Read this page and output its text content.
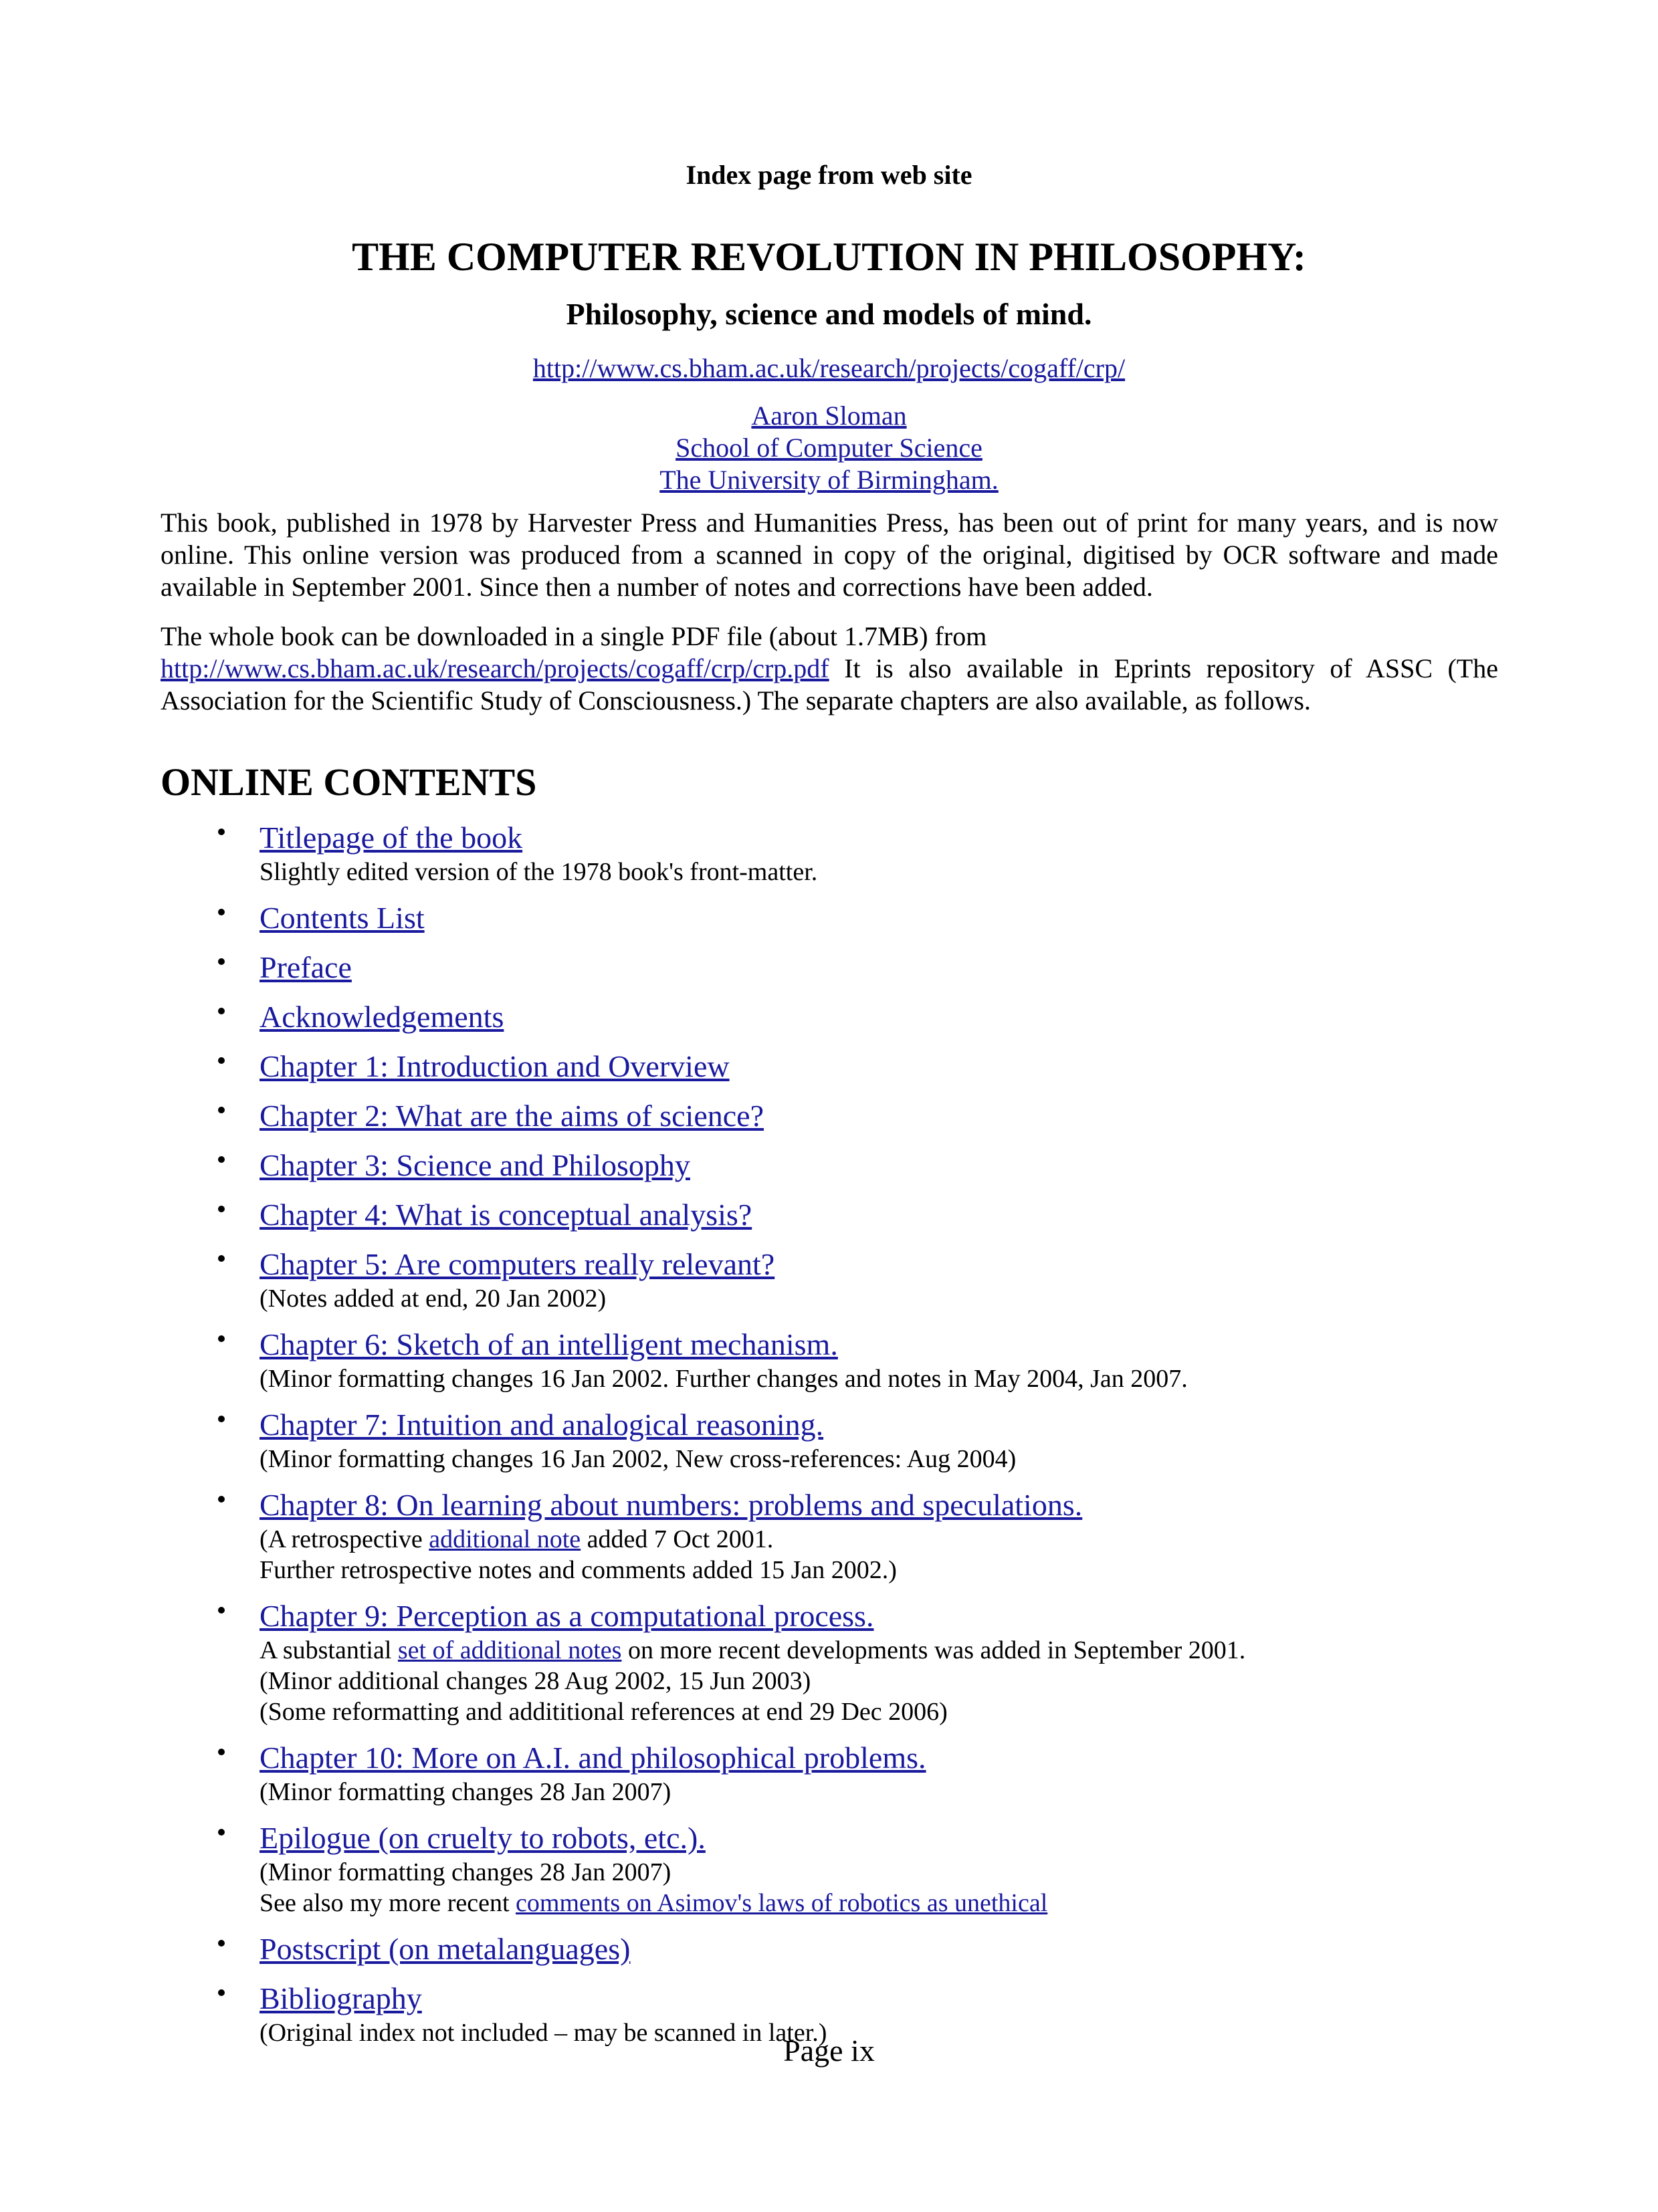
Index page from web site
THE COMPUTER REVOLUTION IN PHILOSOPHY:
Philosophy, science and models of mind.
http://www.cs.bham.ac.uk/research/projects/cogaff/crp/
Aaron Sloman
School of Computer Science
The University of Birmingham.

This book, published in 1978 by Harvester Press and Humanities Press, has been out of print for many years, and is now online. This online version was produced from a scanned in copy of the original, digitised by OCR software and made available in September 2001. Since then a number of notes and corrections have been added.

The whole book can be downloaded in a single PDF file (about 1.7MB) from
http://www.cs.bham.ac.uk/research/projects/cogaff/crp/crp.pdf It is also available in Eprints repository of ASSC (The Association for the Scientific Study of Consciousness.) The separate chapters are also available, as follows.

ONLINE CONTENTS
Titlepage of the book
Slightly edited version of the 1978 book's front-matter.
Contents List
Preface
Acknowledgements
Chapter 1: Introduction and Overview
Chapter 2: What are the aims of science?
Chapter 3: Science and Philosophy
Chapter 4: What is conceptual analysis?
Chapter 5: Are computers really relevant?
(Notes added at end, 20 Jan 2002)
Chapter 6: Sketch of an intelligent mechanism.
(Minor formatting changes 16 Jan 2002. Further changes and notes in May 2004, Jan 2007.
Chapter 7: Intuition and analogical reasoning.
(Minor formatting changes 16 Jan 2002, New cross-references: Aug 2004)
Chapter 8: On learning about numbers: problems and speculations.
(A retrospective additional note added 7 Oct 2001.
Further retrospective notes and comments added 15 Jan 2002.)
Chapter 9: Perception as a computational process.
A substantial set of additional notes on more recent developments was added in September 2001.
(Minor additional changes 28 Aug 2002, 15 Jun 2003)
(Some reformatting and addititional references at end 29 Dec 2006)
Chapter 10: More on A.I. and philosophical problems.
(Minor formatting changes 28 Jan 2007)
Epilogue (on cruelty to robots, etc.).
(Minor formatting changes 28 Jan 2007)
See also my more recent comments on Asimov's laws of robotics as unethical
Postscript (on metalanguages)
Bibliography
(Original index not included – may be scanned in later.)
Page ix
